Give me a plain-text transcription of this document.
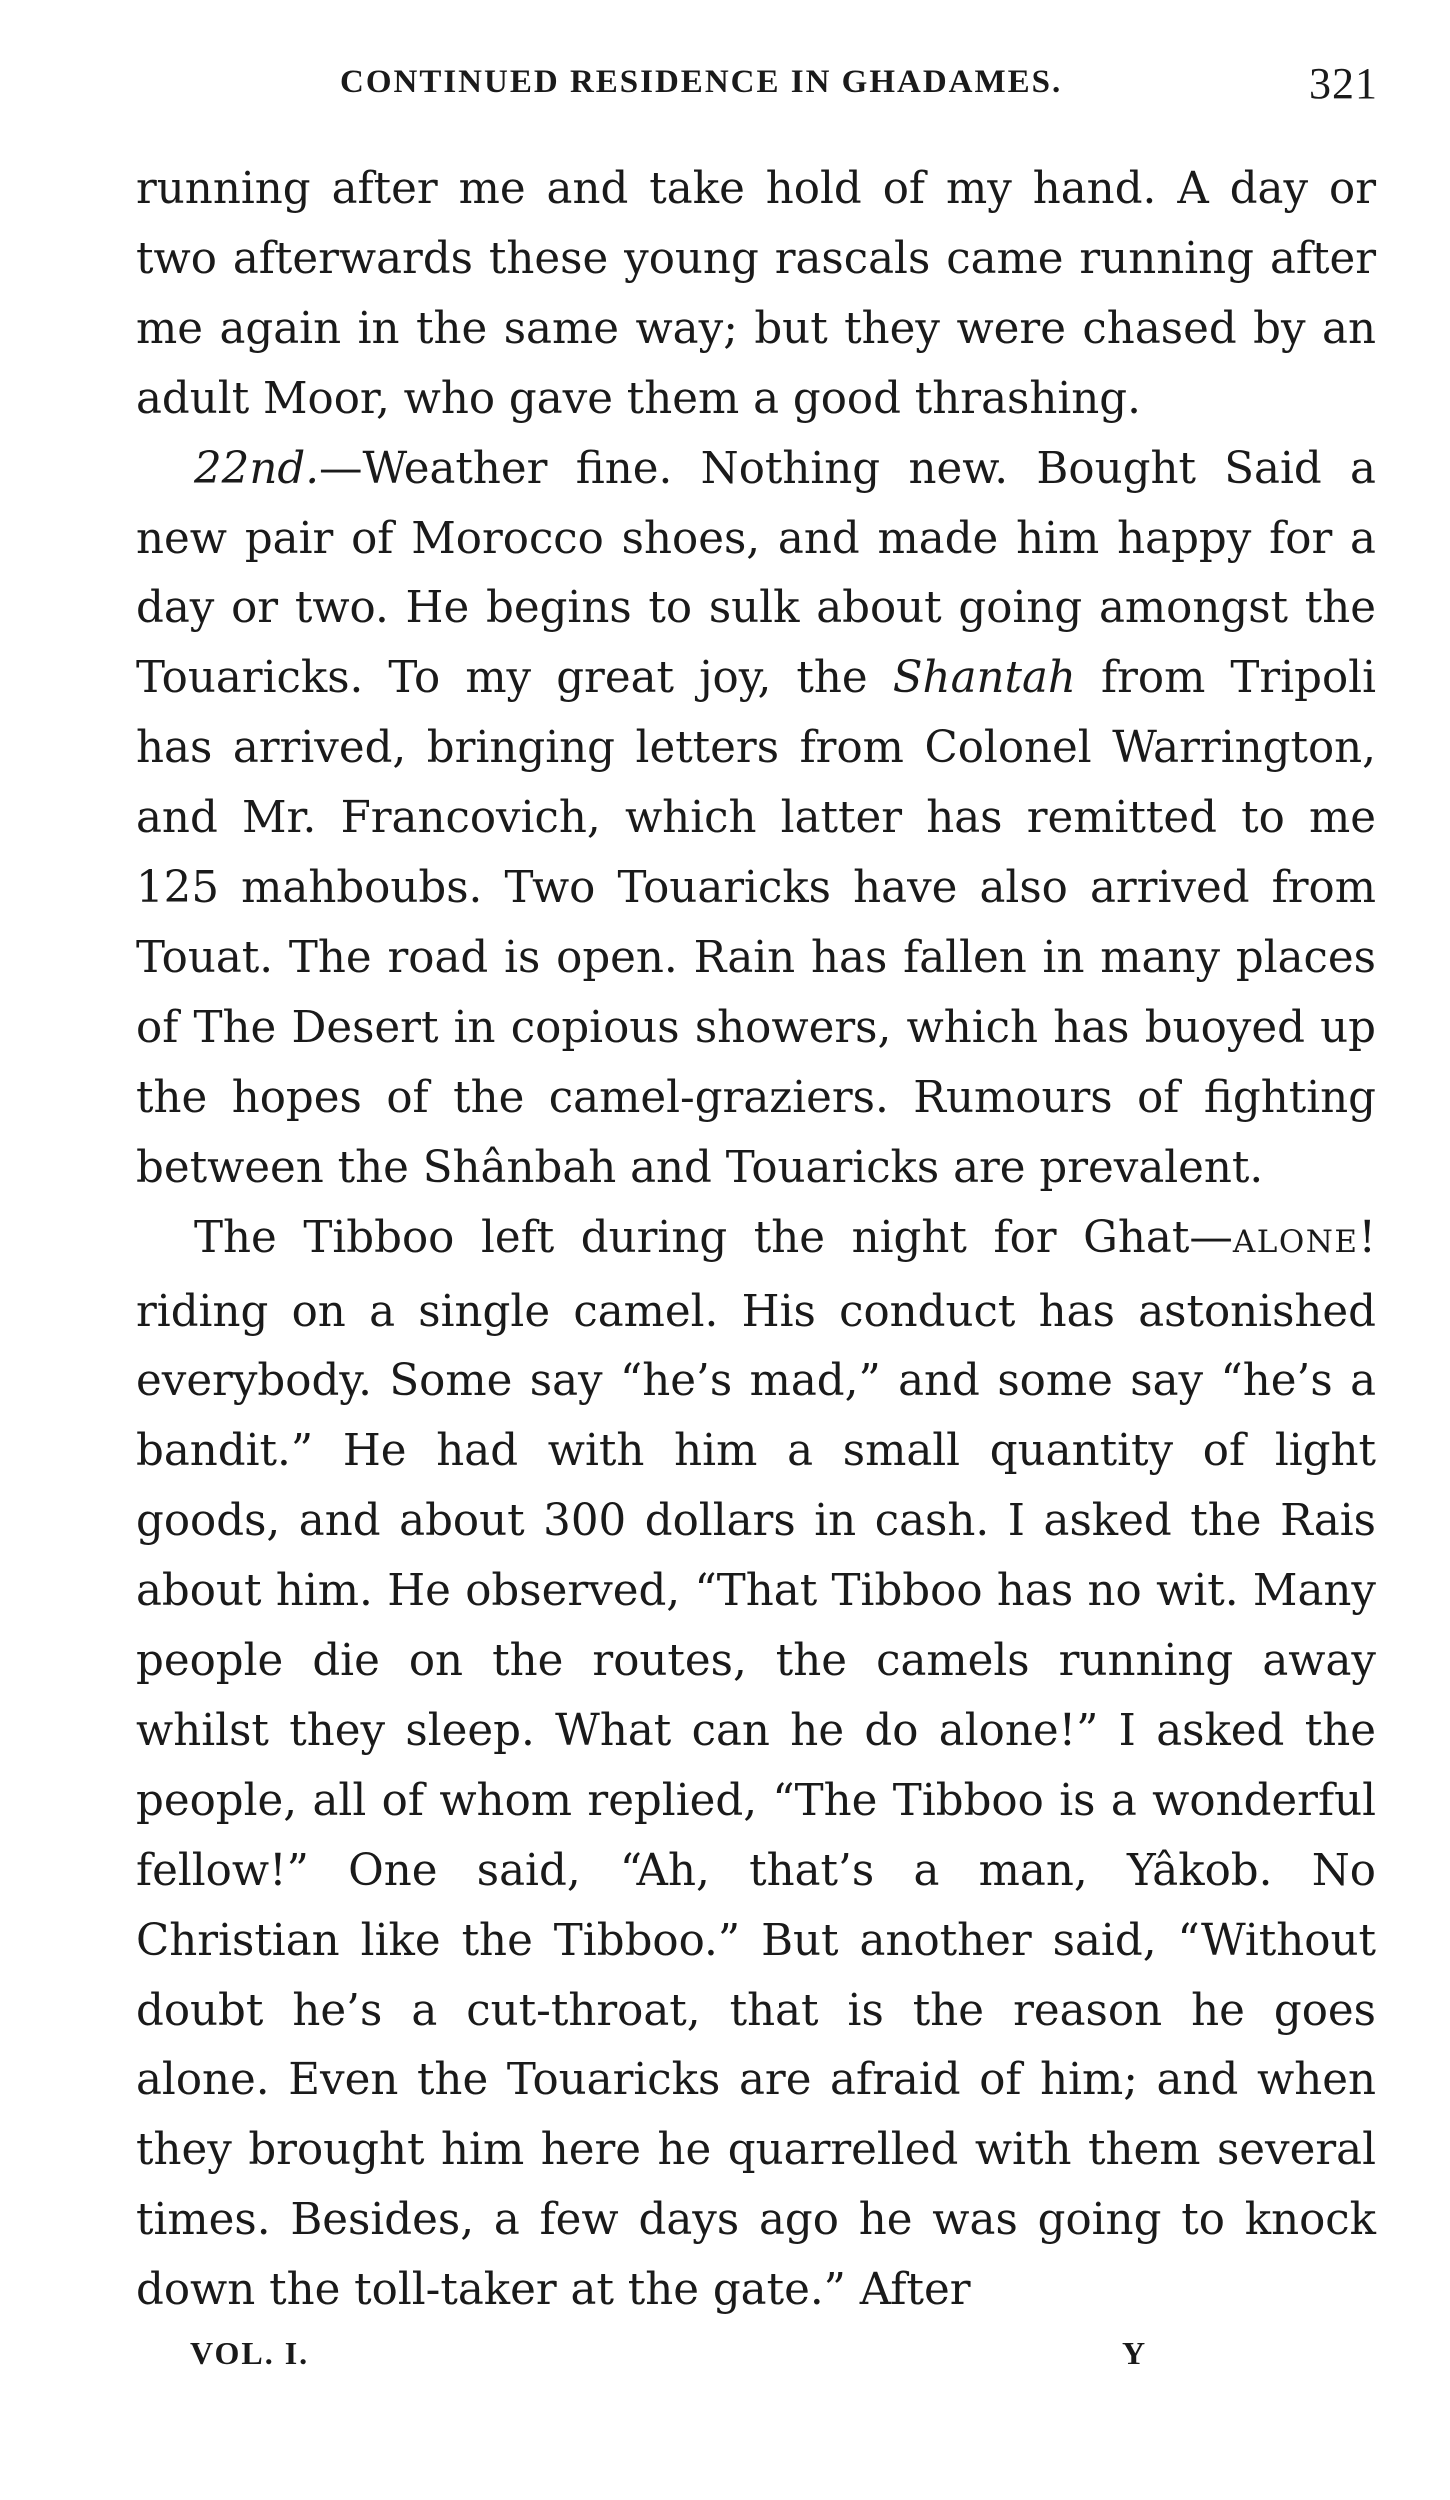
CONTINUED RESIDENCE IN GHADAMES.	321

running after me and take hold of my hand. A day or two afterwards these young rascals came running after me again in the same way; but they were chased by an adult Moor, who gave them a good thrashing.

22nd.—Weather fine. Nothing new. Bought Said a new pair of Morocco shoes, and made him happy for a day or two. He begins to sulk about going amongst the Touaricks. To my great joy, the Shantah from Tripoli has arrived, bringing letters from Colonel Warrington, and Mr. Francovich, which latter has remitted to me 125 mahboubs. Two Touaricks have also arrived from Touat. The road is open. Rain has fallen in many places of The Desert in copious showers, which has buoyed up the hopes of the camel-graziers. Rumours of fighting between the Shânbah and Touaricks are prevalent.

The Tibboo left during the night for Ghat—ALONE! riding on a single camel. His conduct has astonished everybody. Some say “he’s mad,” and some say “he’s a bandit.” He had with him a small quantity of light goods, and about 300 dollars in cash. I asked the Rais about him. He observed, “That Tibboo has no wit. Many people die on the routes, the camels running away whilst they sleep. What can he do alone!” I asked the people, all of whom replied, “The Tibboo is a wonderful fellow!” One said, “Ah, that’s a man, Yâkob. No Christian like the Tibboo.” But another said, “Without doubt he’s a cut-throat, that is the reason he goes alone. Even the Touaricks are afraid of him; and when they brought him here he quarrelled with them several times. Besides, a few days ago he was going to knock down the toll-taker at the gate.” After

VOL. I.	Y
